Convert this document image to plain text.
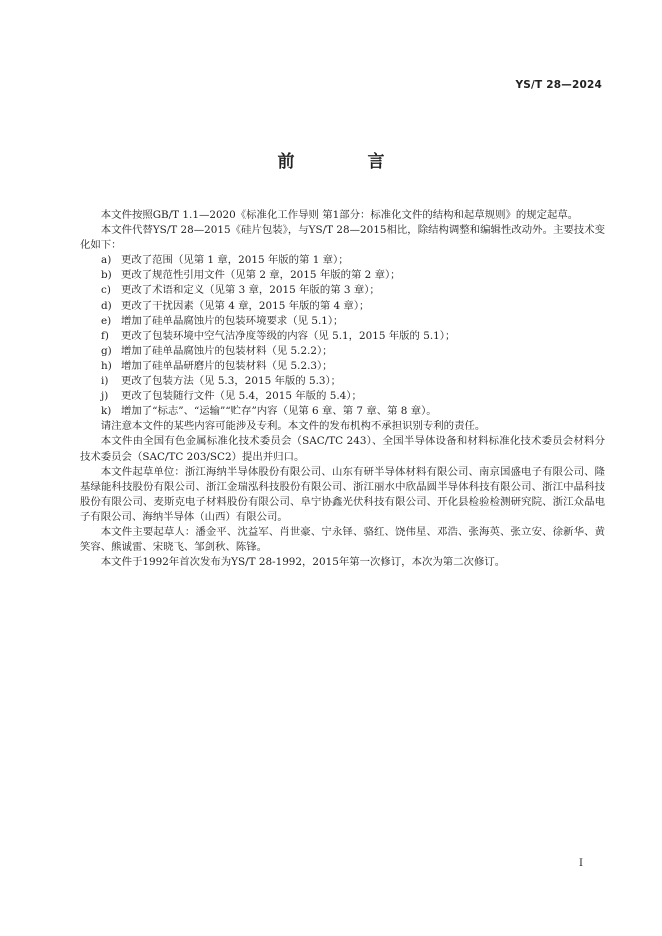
YS/T 28—2024
前　言

本文件按照GB/T 1.1—2020《标准化工作导则 第1部分：标准化文件的结构和起草规则》的规定起草。

本文件代替YS/T 28—2015《硅片包装》，与YS/T 28—2015相比，除结构调整和编辑性改动外。主要技术变化如下：

a) 更改了范围（见第 1 章，2015 年版的第 1 章）；
b) 更改了规范性引用文件（见第 2 章，2015 年版的第 2 章）；
c) 更改了术语和定义（见第 3 章，2015 年版的第 3 章）；
d) 更改了干扰因素（见第 4 章，2015 年版的第 4 章）；
e) 增加了硅单晶腐蚀片的包装环境要求（见 5.1）；
f)	更改了包装环境中空气洁净度等级的内容（见 5.1，2015 年版的 5.1）；
g) 增加了硅单晶腐蚀片的包装材料（见 5.2.2）；
h) 增加了硅单晶研磨片的包装材料（见 5.2.3）；
i)	更改了包装方法（见 5.3，2015 年版的 5.3）；
j)	更改了包装随行文件（见 5.4，2015 年版的 5.4）；
k) 增加了“标志”、“运输”“贮存”内容（见第 6 章、第 7 章、第 8 章）。

请注意本文件的某些内容可能涉及专利。本文件的发布机构不承担识别专利的责任。

本文件由全国有色金属标准化技术委员会（SAC/TC 243）、全国半导体设备和材料标准化技术委员会材料分技术委员会（SAC/TC 203/SC2）提出并归口。

本文件起草单位：浙江海纳半导体股份有限公司、山东有研半导体材料有限公司、南京国盛电子有限公司、隆基绿能科技股份有限公司、浙江金瑞泓科技股份有限公司、浙江丽水中欣晶圆半导体科技有限公司、浙江中晶科技股份有限公司、麦斯克电子材料股份有限公司、阜宁协鑫光伏科技有限公司、开化县检验检测研究院、浙江众晶电子有限公司、海纳半导体（山西）有限公司。

本文件主要起草人：潘金平、沈益军、肖世豪、宁永铎、骆红、饶伟星、邓浩、张海英、张立安、徐新华、黄笑容、熊诚雷、宋晓飞、邹剑秋、陈锋。

本文件于1992年首次发布为YS/T 28-1992，2015年第一次修订，本次为第二次修订。

I
